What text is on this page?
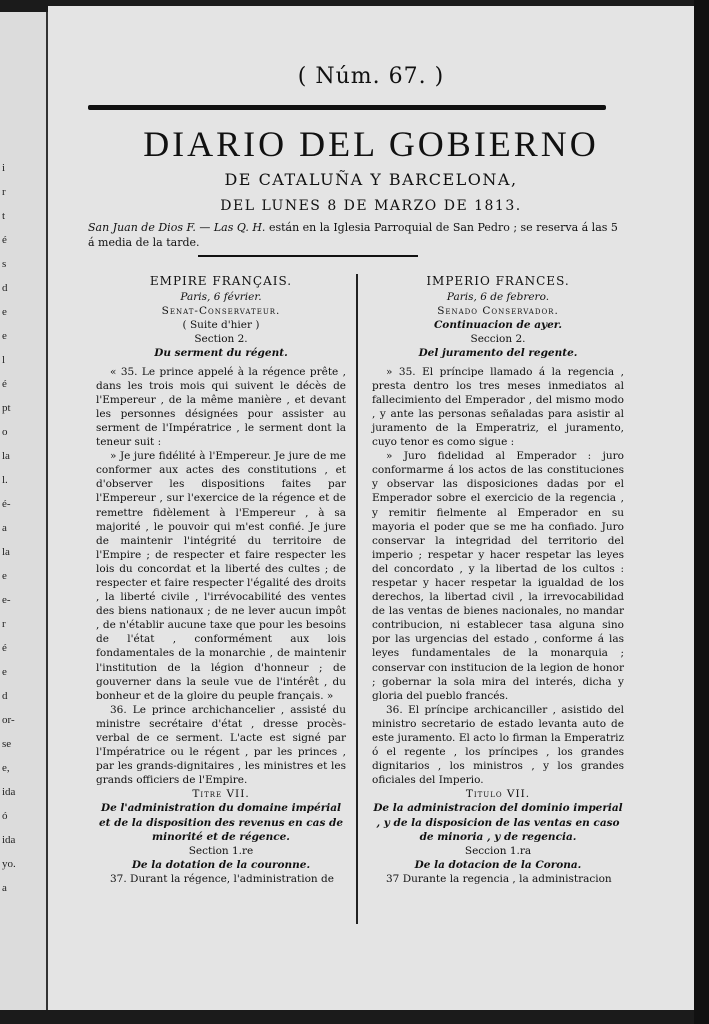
i
r
t
é
s
d
e
e
l
é
pt
o
la
l.
é-
a
la
e
e-
r
é
e
d
or-
se
e,
ida
ó
ida
yo.
a
( Núm. 67. )
DIARIO DEL GOBIERNO
DE CATALUÑA Y BARCELONA,
DEL LUNES 8 DE MARZO DE 1813.
San Juan de Dios F. — Las Q. H. están en la Iglesia Parroquial de San Pedro ; se reserva á las 5 á media de la tarde.
EMPIRE FRANÇAIS.
Paris, 6 février.
Senat-Conservateur.
( Suite d'hier )
Section 2.
Du serment du régent.

« 35. Le prince appelé à la régence prête , dans les trois mois qui suivent le décès de l'Empereur , de la même manière , et devant les personnes désignées pour assister au serment de l'Impératrice , le serment dont la teneur suit :

» Je jure fidélité à l'Empereur. Je jure de me conformer aux actes des constitutions , et d'observer les dispositions faites par l'Empereur , sur l'exercice de la régence et de remettre fidèlement à l'Empereur , à sa majorité , le pouvoir qui m'est confié. Je jure de maintenir l'intégrité du territoire de l'Empire ; de respecter et faire respecter les lois du concordat et la liberté des cultes ; de respecter et faire respecter l'égalité des droits , la liberté civile , l'irrévocabilité des ventes des biens nationaux ; de ne lever aucun impôt , de n'établir aucune taxe que pour les besoins de l'état , conformément aux lois fondamentales de la monarchie , de maintenir l'institution de la légion d'honneur ; de gouverner dans la seule vue de l'intérêt , du bonheur et de la gloire du peuple français. »

36. Le prince archichancelier , assisté du ministre secrétaire d'état , dresse procès-verbal de ce serment. L'acte est signé par l'Impératrice ou le régent , par les princes , par les grands-dignitaires , les ministres et les grands officiers de l'Empire.

Titre VII.
De l'administration du domaine impérial et de la disposition des revenus en cas de minorité et de régence.
Section 1.re
De la dotation de la couronne.

37. Durant la régence, l'administration de

IMPERIO FRANCES.
Paris, 6 de febrero.
Senado Conservador.
Continuacion de ayer.
Seccion 2.
Del juramento del regente.

» 35. El príncipe llamado á la regencia , presta dentro los tres meses inmediatos al fallecimiento del Emperador , del mismo modo , y ante las personas señaladas para asistir al juramento de la Emperatriz, el juramento, cuyo tenor es como sigue :

» Juro fidelidad al Emperador : juro conformarme á los actos de las constituciones y observar las disposiciones dadas por el Emperador sobre el exercicio de la regencia , y remitir fielmente al Emperador en su mayoria el poder que se me ha confiado. Juro conservar la integridad del territorio del imperio ; respetar y hacer respetar las leyes del concordato , y la libertad de los cultos : respetar y hacer respetar la igualdad de los derechos, la libertad civil , la irrevocabilidad de las ventas de bienes nacionales, no mandar contribucion, ni establecer tasa alguna sino por las urgencias del estado , conforme á las leyes fundamentales de la monarquia ; conservar con institucion de la legion de honor ; gobernar la sola mira del interés, dicha y gloria del pueblo francés.

36. El príncipe archicanciller , asistido del ministro secretario de estado levanta auto de este juramento. El acto lo firman la Emperatriz ó el regente , los príncipes , los grandes dignitarios , los ministros , y los grandes oficiales del Imperio.

Titulo VII.
De la administracion del dominio imperial , y de la disposicion de las ventas en caso de minoria , y de regencia.
Seccion 1.ra
De la dotacion de la Corona.

37 Durante la regencia , la administracion
